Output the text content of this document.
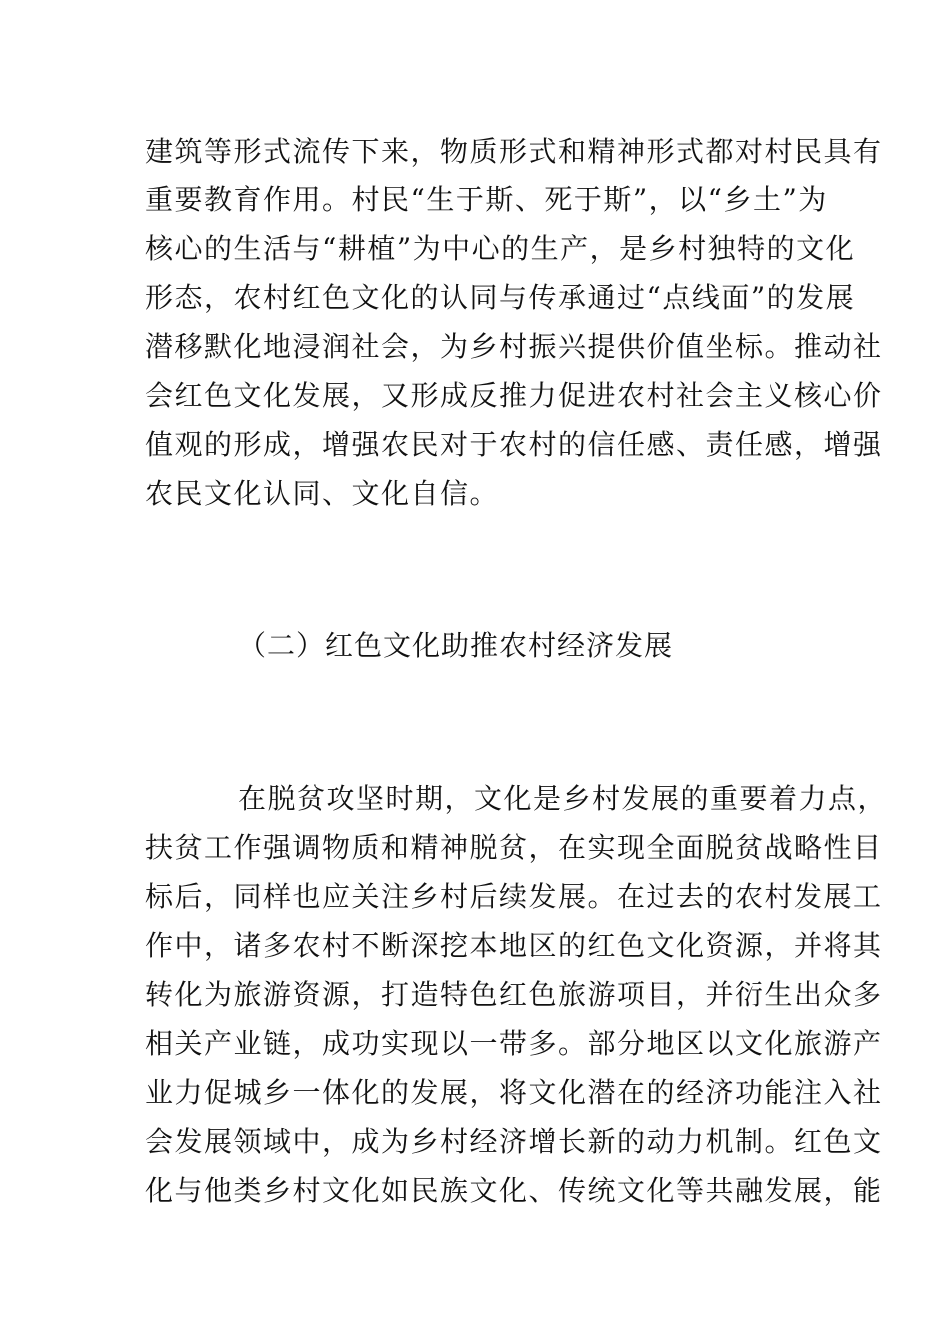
建筑等形式流传下来，物质形式和精神形式都对村民具有
重要教育作用。村民“生于斯、死于斯”，以“乡土”为
核心的生活与“耕植”为中心的生产，是乡村独特的文化
形态，农村红色文化的认同与传承通过“点线面”的发展
潜移默化地浸润社会，为乡村振兴提供价值坐标。推动社
会红色文化发展，又形成反推力促进农村社会主义核心价
值观的形成，增强农民对于农村的信任感、责任感，增强
农民文化认同、文化自信。
（二）红色文化助推农村经济发展
在脱贫攻坚时期，文化是乡村发展的重要着力点，
扶贫工作强调物质和精神脱贫，在实现全面脱贫战略性目
标后，同样也应关注乡村后续发展。在过去的农村发展工
作中，诸多农村不断深挖本地区的红色文化资源，并将其
转化为旅游资源，打造特色红色旅游项目，并衍生出众多
相关产业链，成功实现以一带多。部分地区以文化旅游产
业力促城乡一体化的发展，将文化潜在的经济功能注入社
会发展领域中，成为乡村经济增长新的动力机制。红色文
化与他类乡村文化如民族文化、传统文化等共融发展，能
